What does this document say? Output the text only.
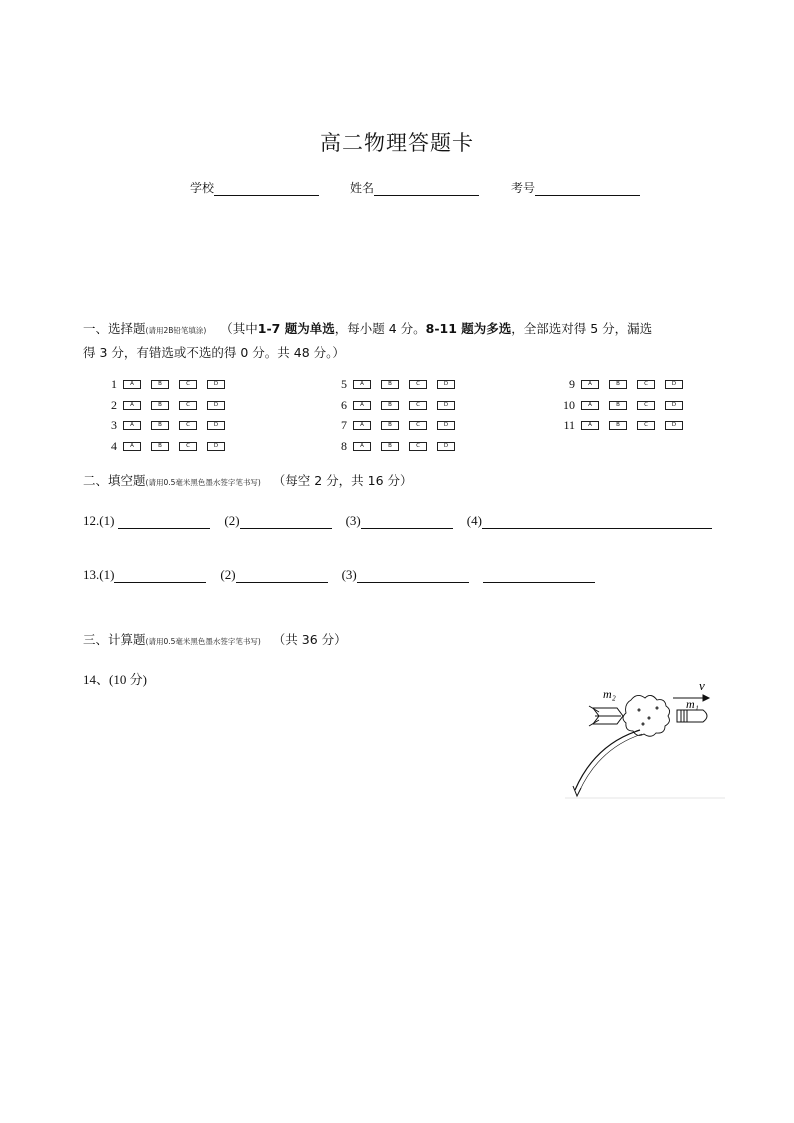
高二物理答题卡
学校	姓名	考号
一、选择题(请用2B铅笔填涂) （其中1-7 题为单选，每小题 4 分。8-11 题为多选，全部选对得 5 分，漏选
得 3 分，有错选或不选的得 0 分。共 48 分。）
1	A	B	C	D
2	A	B	C	D
3	A	B	C	D
4	A	B	C	D
5	A	B	C	D
6	A	B	C	D
7	A	B	C	D
8	A	B	C	D
9	A	B	C	D
10	A	B	C	D
11	A	B	C	D
二、填空题(请用0.5毫米黑色墨水签字笔书写) （每空 2 分，共 16 分）
12. (1)	(2)	(3)	(4)
13. (1)	(2)	(3)
三、计算题(请用0.5毫米黑色墨水签字笔书写) （共 36 分）
14、(10 分)
m₂
m₁
v
